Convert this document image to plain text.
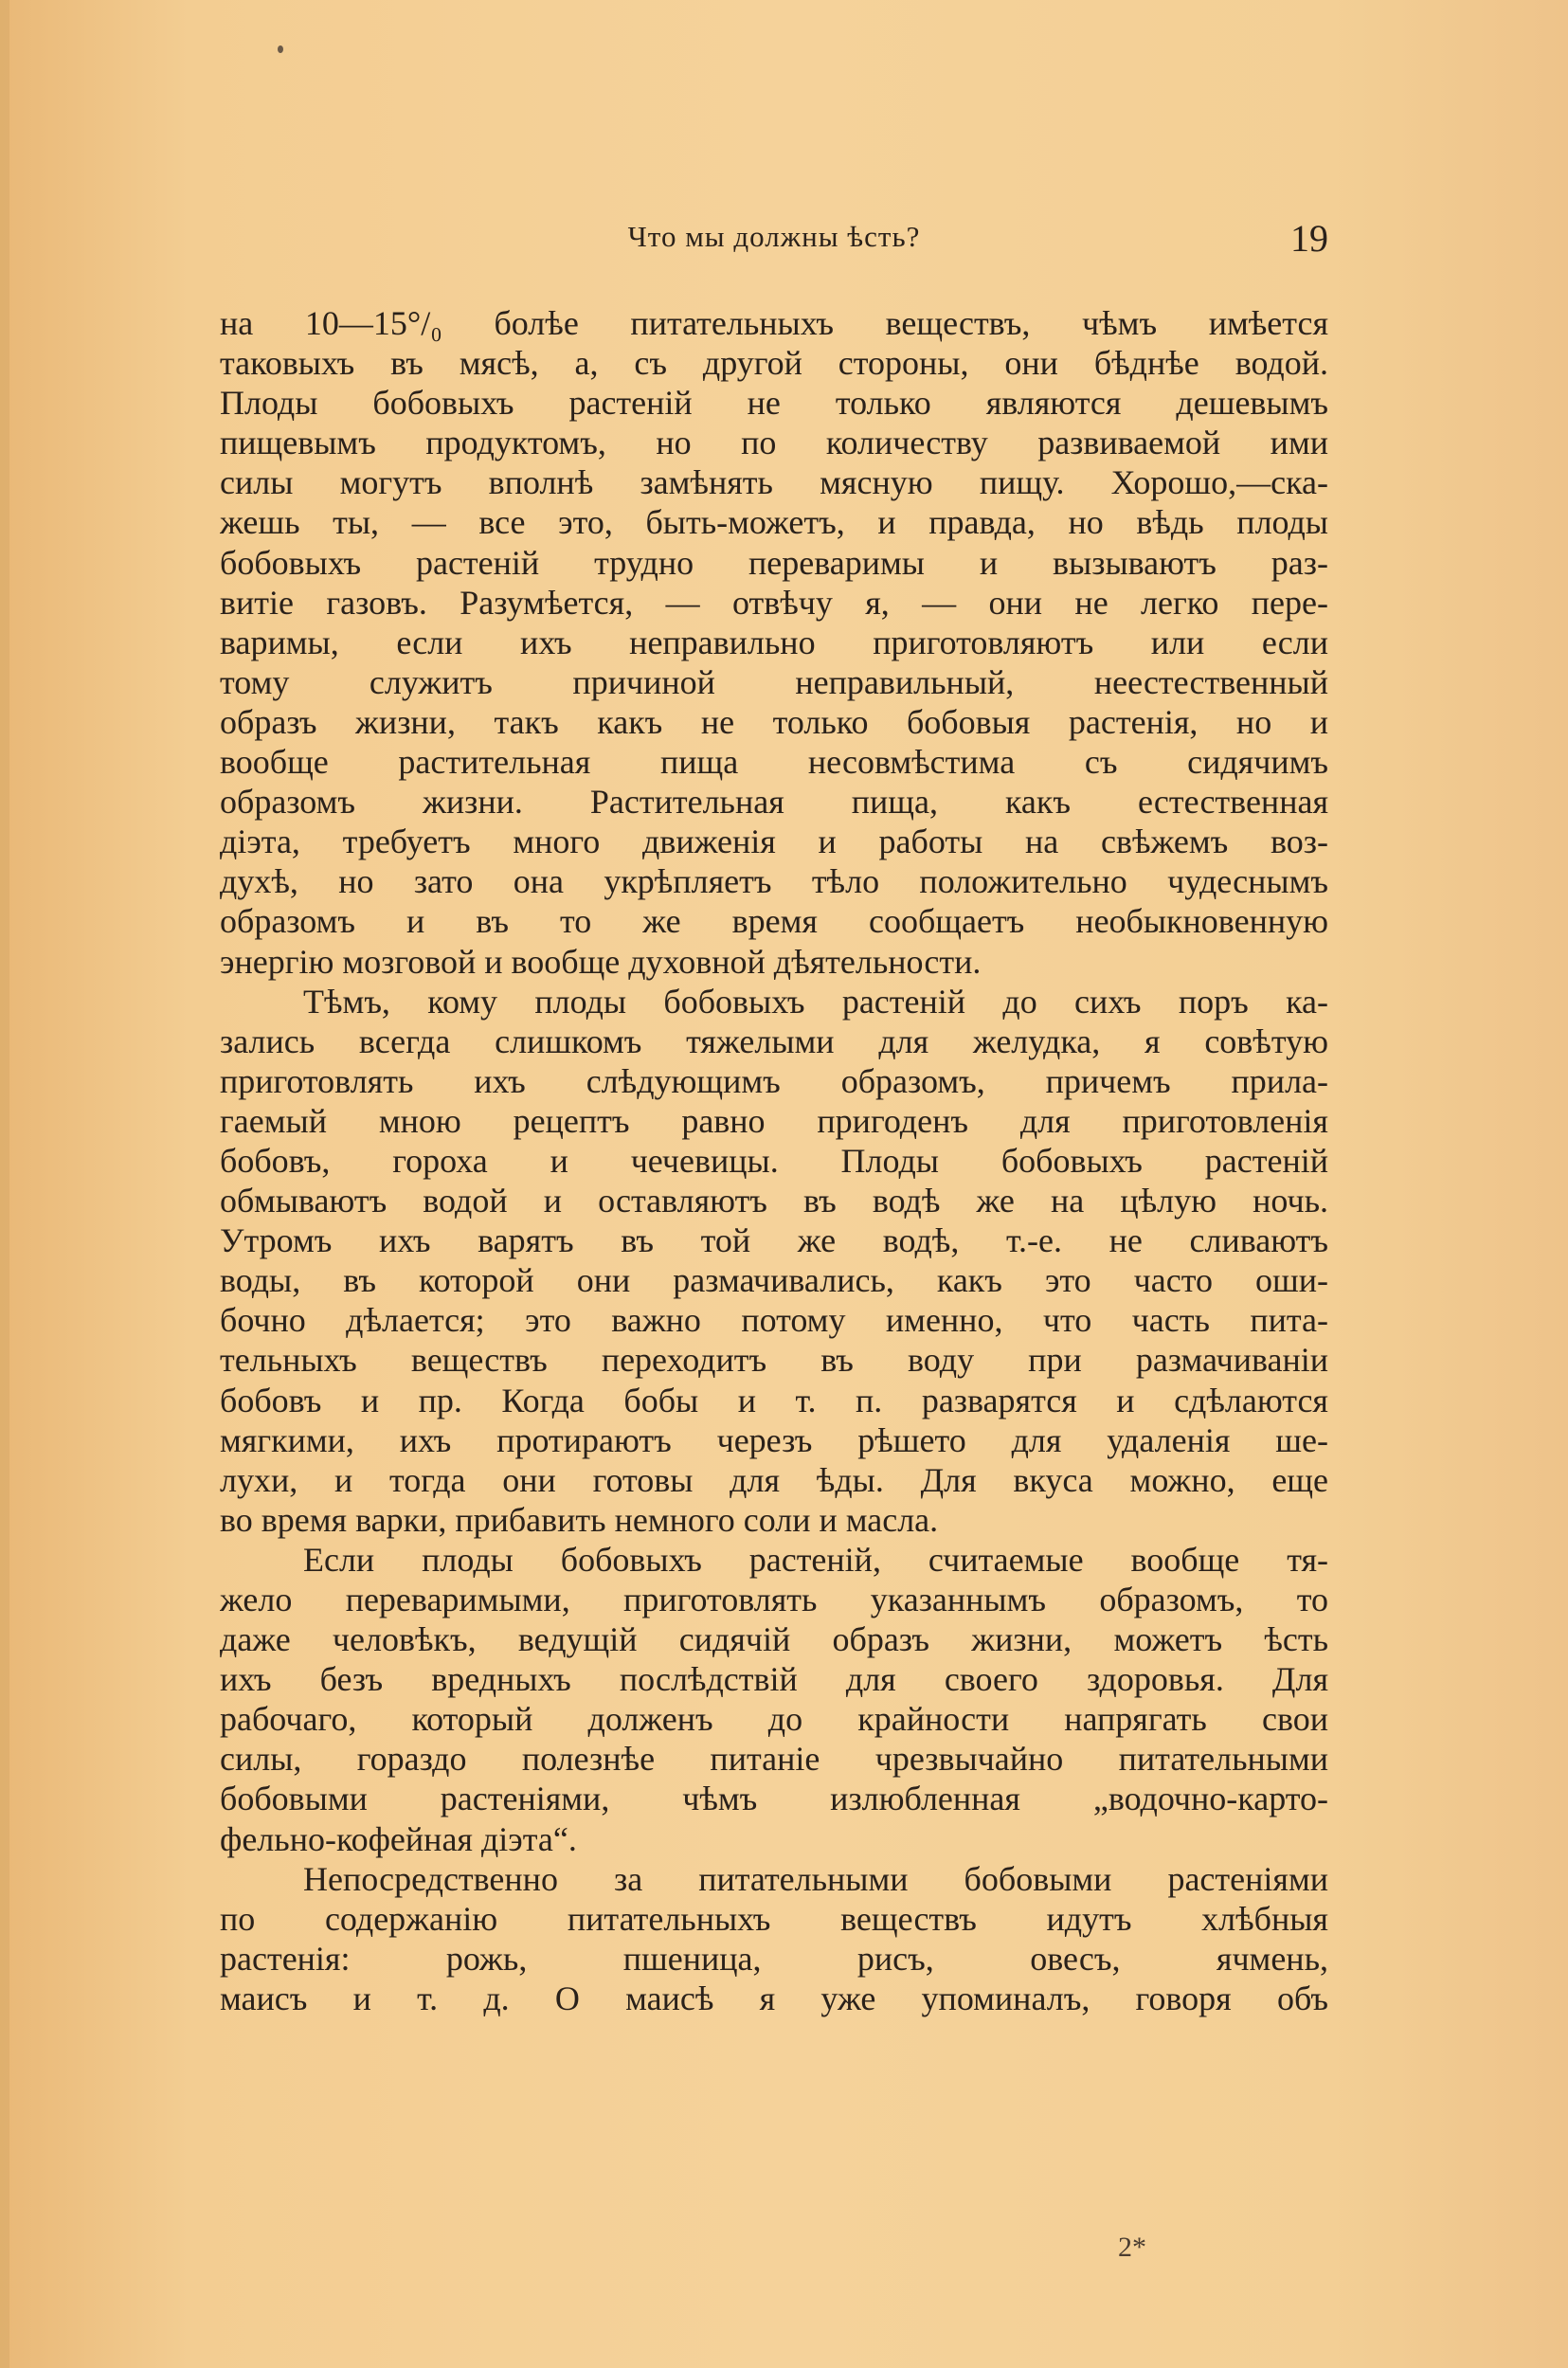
Что мы должны ѣсть?	19
на 10—15°/₀ болѣе питательныхъ веществъ, чѣмъ имѣется
таковыхъ въ мясѣ, а, съ другой стороны, они бѣднѣе водой.
Плоды бобовыхъ растеній не только являются дешевымъ
пищевымъ продуктомъ, но по количеству развиваемой ими
силы могутъ вполнѣ замѣнять мясную пищу. Хорошо,—ска-
жешь ты, — все это, быть-можетъ, и правда, но вѣдь плоды
бобовыхъ растеній трудно переваримы и вызываютъ раз-
витіе газовъ. Разумѣется, — отвѣчу я, — они не легко пере-
варимы, если ихъ неправильно приготовляютъ или если
тому служитъ причиной неправильный, неестественный
образъ жизни, такъ какъ не только бобовыя растенія, но и
вообще растительная пища несовмѣстима съ сидячимъ
образомъ жизни. Растительная пища, какъ естественная
діэта, требуетъ много движенія и работы на свѣжемъ воз-
духѣ, но зато она укрѣпляетъ тѣло положительно чудеснымъ
образомъ и въ то же время сообщаетъ необыкновенную
энергію мозговой и вообще духовной дѣятельности.
Тѣмъ, кому плоды бобовыхъ растеній до сихъ поръ ка-
зались всегда слишкомъ тяжелыми для желудка, я совѣтую
приготовлять ихъ слѣдующимъ образомъ, причемъ прила-
гаемый мною рецептъ равно пригоденъ для приготовленія
бобовъ, гороха и чечевицы. Плоды бобовыхъ растеній
обмываютъ водой и оставляютъ въ водѣ же на цѣлую ночь.
Утромъ ихъ варятъ въ той же водѣ, т.-е. не сливаютъ
воды, въ которой они размачивались, какъ это часто оши-
бочно дѣлается; это важно потому именно, что часть пита-
тельныхъ веществъ переходитъ въ воду при размачиваніи
бобовъ и пр. Когда бобы и т. п. разварятся и сдѣлаются
мягкими, ихъ протираютъ черезъ рѣшето для удаленія ше-
лухи, и тогда они готовы для ѣды. Для вкуса можно, еще
во время варки, прибавить немного соли и масла.
Если плоды бобовыхъ растеній, считаемые вообще тя-
жело переваримыми, приготовлять указаннымъ образомъ, то
даже человѣкъ, ведущій сидячій образъ жизни, можетъ ѣсть
ихъ безъ вредныхъ послѣдствій для своего здоровья. Для
рабочаго, который долженъ до крайности напрягать свои
силы, гораздо полезнѣе питаніе чрезвычайно питательными
бобовыми растеніями, чѣмъ излюбленная „водочно-карто-
фельно-кофейная діэта“.
Непосредственно за питательными бобовыми растеніями
по содержанію питательныхъ веществъ идутъ хлѣбныя
растенія: рожь, пшеница, рисъ, овесъ, ячмень,
маисъ и т. д. О маисѣ я уже упоминалъ, говоря объ
2*
